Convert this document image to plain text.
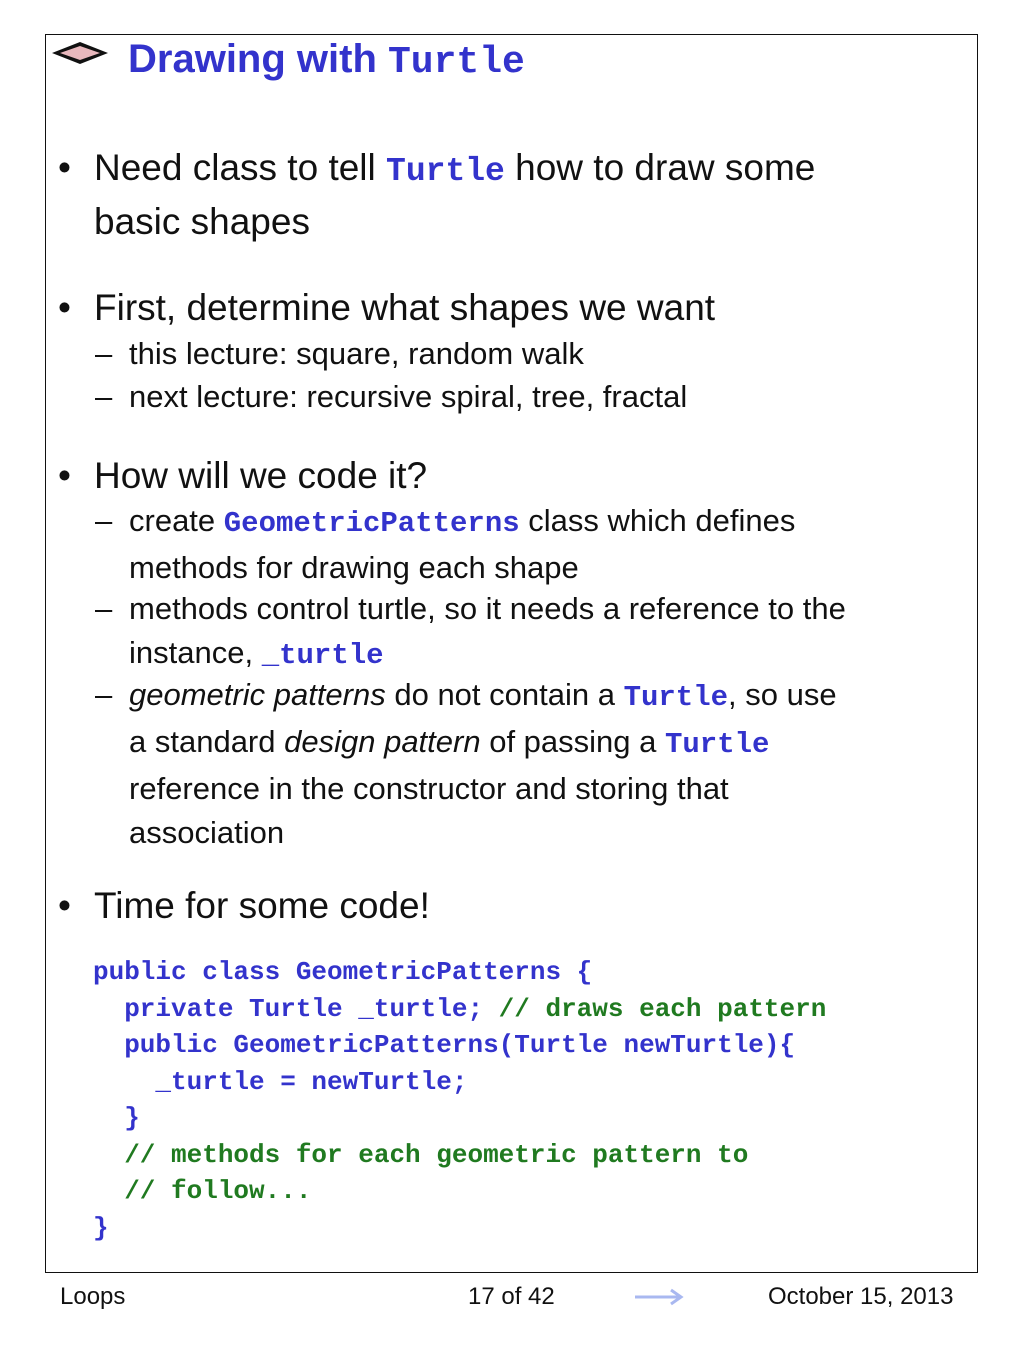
Drawing with Turtle
• Need class to tell Turtle how to draw some
basic shapes
• First, determine what shapes we want
– this lecture: square, random walk
– next lecture: recursive spiral, tree, fractal
• How will we code it?
– create GeometricPatterns class which defines
methods for drawing each shape
– methods control turtle, so it needs a reference to the
instance, _turtle
– geometric patterns do not contain a Turtle, so use
a standard design pattern of passing a Turtle
reference in the constructor and storing that
association
• Time for some code!
public class GeometricPatterns {
private Turtle _turtle; // draws each pattern
public GeometricPatterns(Turtle newTurtle){
_turtle = newTurtle;
}
// methods for each geometric pattern to
// follow...
}
Loops	17 of 42	October 15, 2013
